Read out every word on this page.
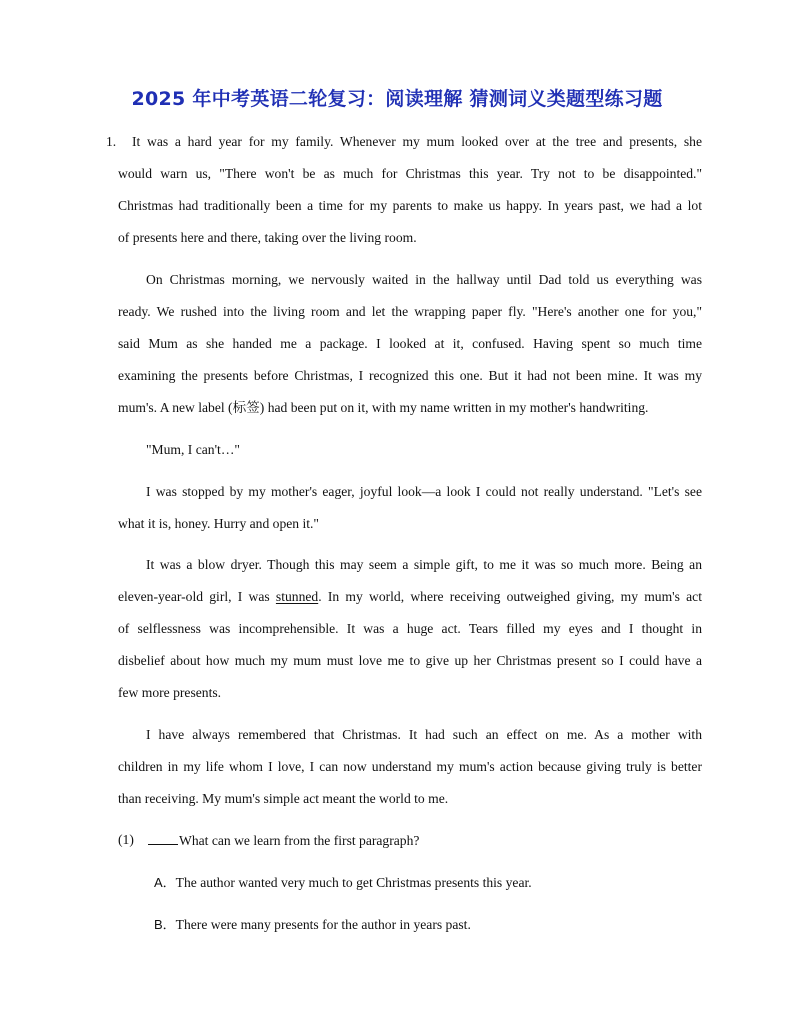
2025 年中考英语二轮复习：阅读理解 猜测词义类题型练习题
1. It was a hard year for my family. Whenever my mum looked over at the tree and presents, she
would warn us, "There won't be as much for Christmas this year. Try not to be disappointed."
Christmas had traditionally been a time for my parents to make us happy. In years past, we had a lot
of presents here and there, taking over the living room.
On Christmas morning, we nervously waited in the hallway until Dad told us everything was
ready. We rushed into the living room and let the wrapping paper fly. "Here's another one for you,"
said Mum as she handed me a package. I looked at it, confused. Having spent so much time
examining the presents before Christmas, I recognized this one. But it had not been mine. It was my
mum's. A new label (标签) had been put on it, with my name written in my mother's handwriting.
"Mum, I can't…"
I was stopped by my mother's eager, joyful look—a look I could not really understand. "Let's see
what it is, honey. Hurry and open it."
It was a blow dryer. Though this may seem a simple gift, to me it was so much more. Being an
eleven-year-old girl, I was stunned. In my world, where receiving outweighed giving, my mum's act
of selflessness was incomprehensible. It was a huge act. Tears filled my eyes and I thought in
disbelief about how much my mum must love me to give up her Christmas present so I could have a
few more presents.
I have always remembered that Christmas. It had such an effect on me. As a mother with
children in my life whom I love, I can now understand my mum's action because giving truly is better
than receiving. My mum's simple act meant the world to me.
(1)	What can we learn from the first paragraph?
A．The author wanted very much to get Christmas presents this year.
B．There were many presents for the author in years past.
